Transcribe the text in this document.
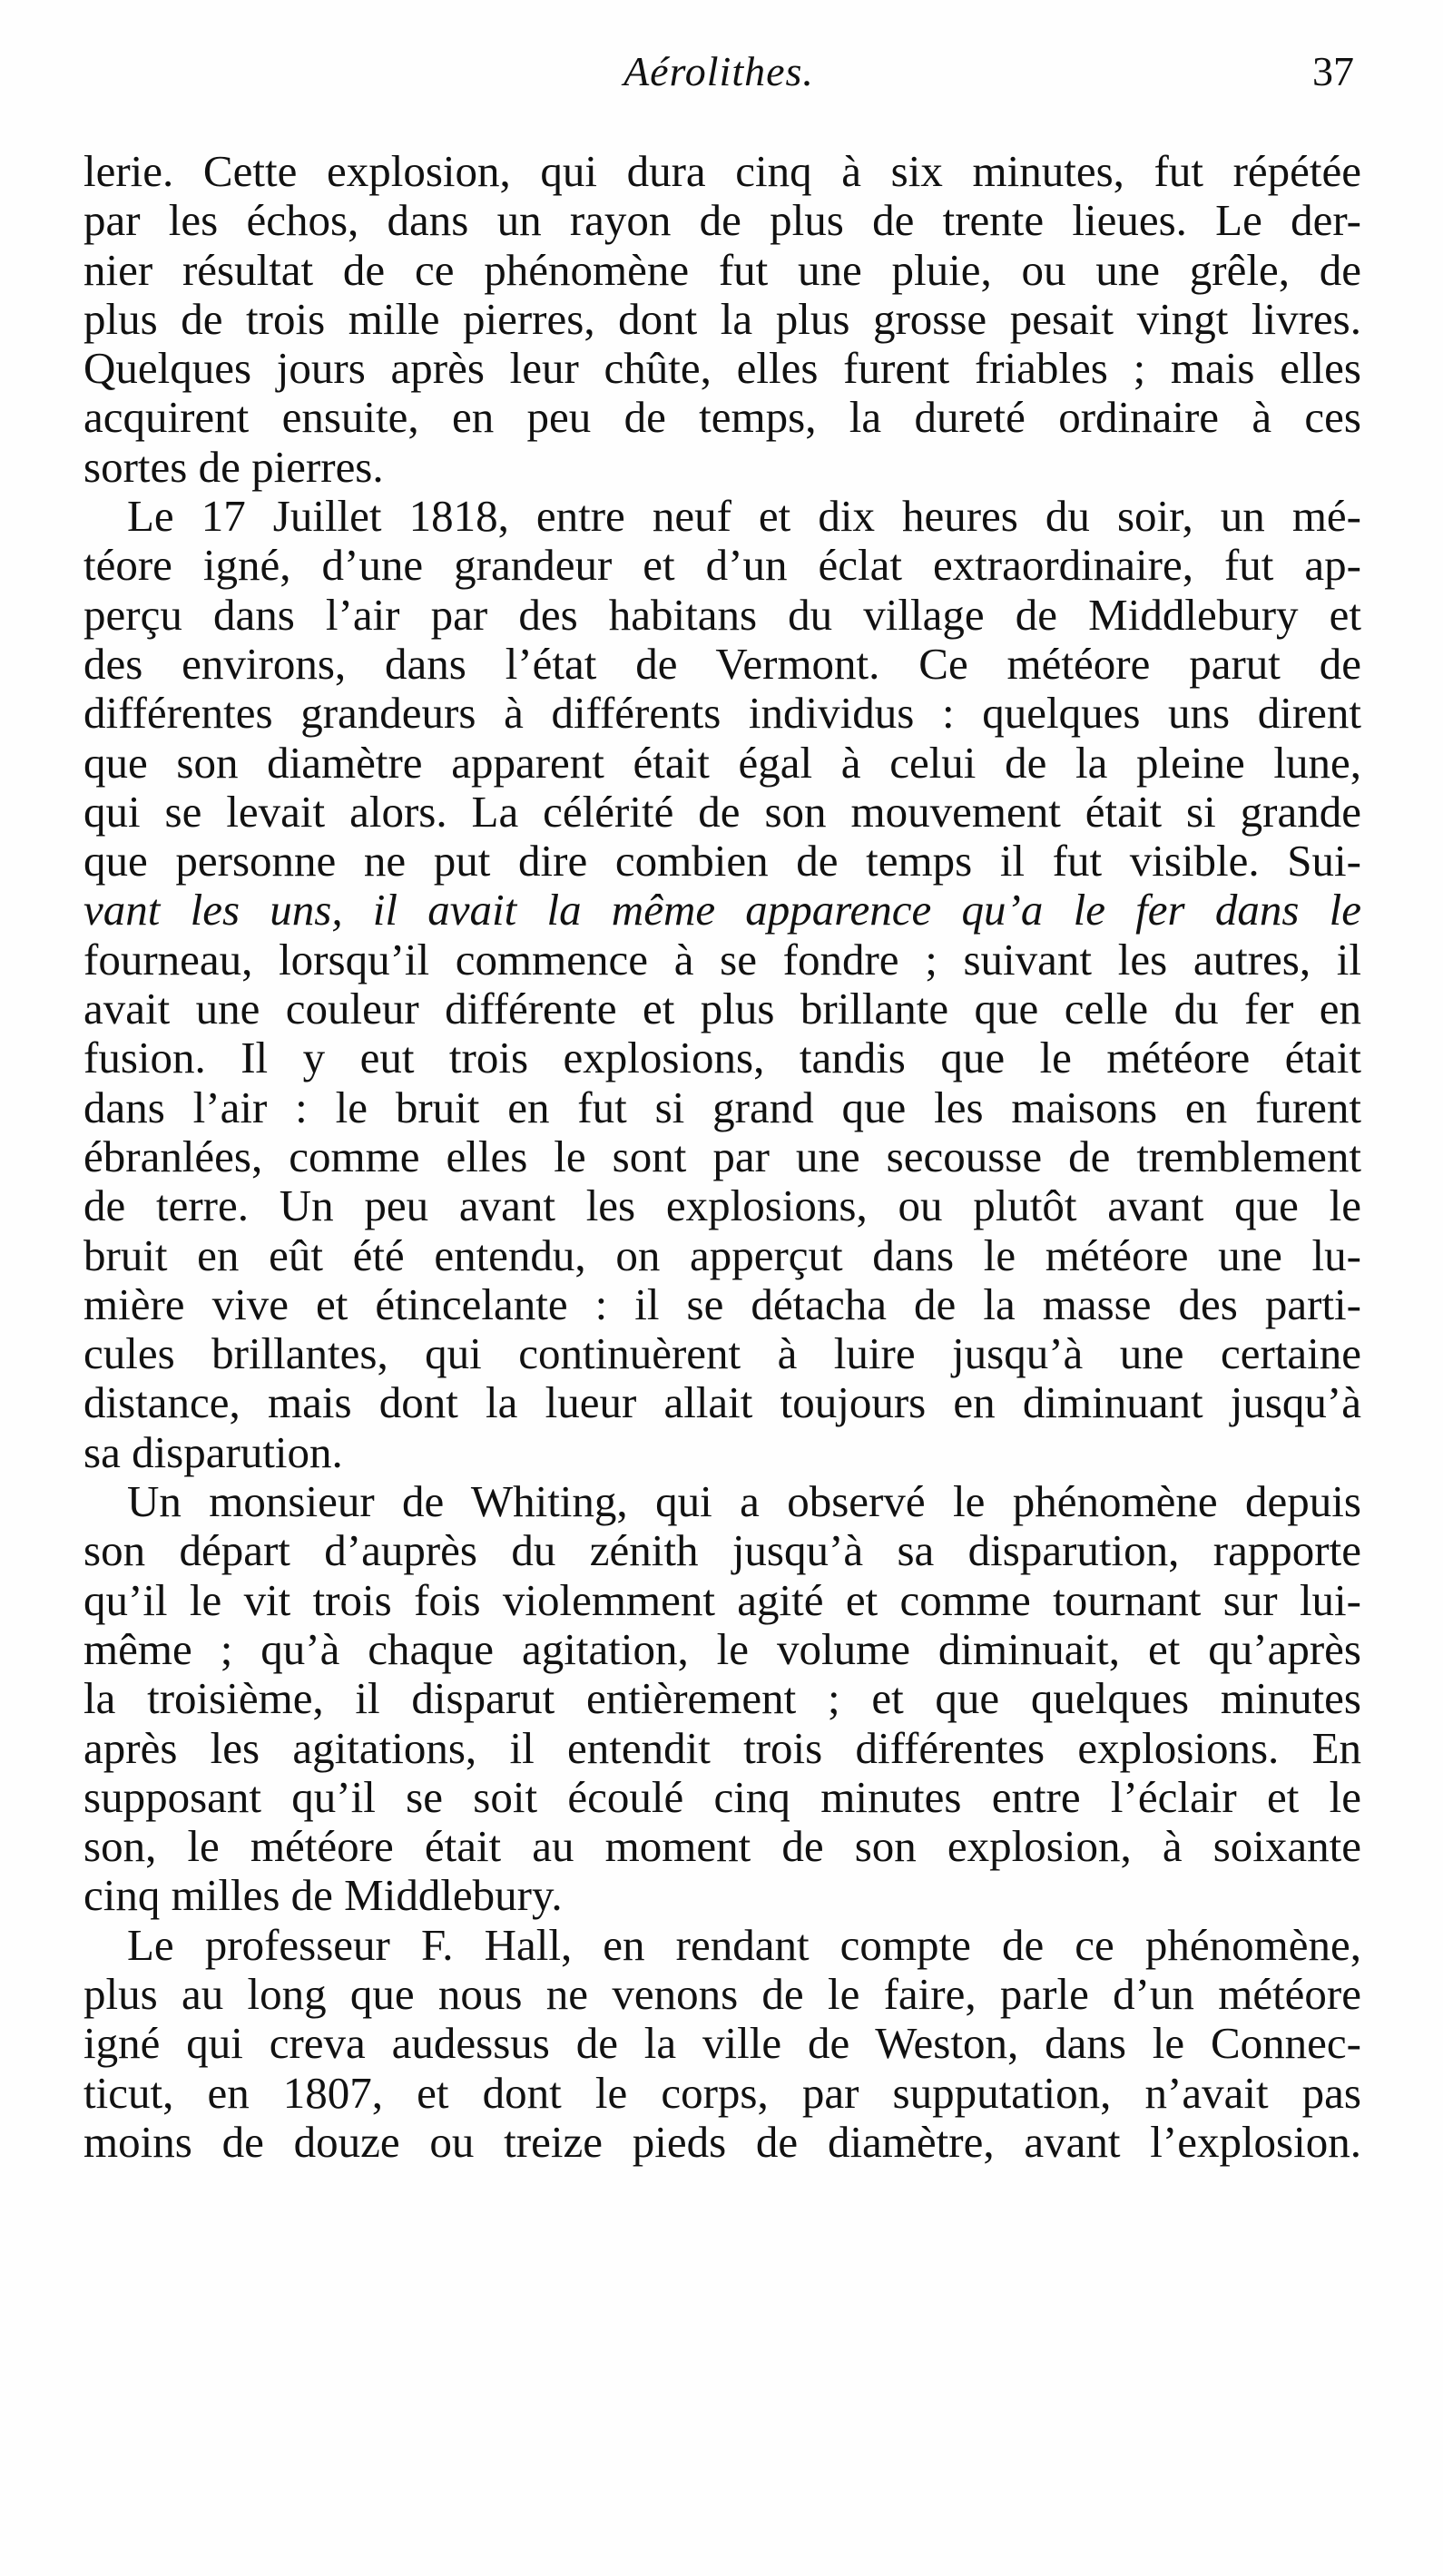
Aérolithes.	37
lerie. Cette explosion, qui dura cinq à six minutes, fut répétée
par les échos, dans un rayon de plus de trente lieues. Le der-
nier résultat de ce phénomène fut une pluie, ou une grêle, de
plus de trois mille pierres, dont la plus grosse pesait vingt livres.
Quelques jours après leur chûte, elles furent friables ; mais elles
acquirent ensuite, en peu de temps, la dureté ordinaire à ces
sortes de pierres.
Le 17 Juillet 1818, entre neuf et dix heures du soir, un mé-
téore igné, d’une grandeur et d’un éclat extraordinaire, fut ap-
perçu dans l’air par des habitans du village de Middlebury et
des environs, dans l’état de Vermont. Ce météore parut de
différentes grandeurs à différents individus : quelques uns dirent
que son diamètre apparent était égal à celui de la pleine lune,
qui se levait alors. La célérité de son mouvement était si grande
que personne ne put dire combien de temps il fut visible. Sui-
vant les uns, il avait la même apparence qu’a le fer dans le
fourneau, lorsqu’il commence à se fondre ; suivant les autres, il
avait une couleur différente et plus brillante que celle du fer en
fusion. Il y eut trois explosions, tandis que le météore était
dans l’air : le bruit en fut si grand que les maisons en furent
ébranlées, comme elles le sont par une secousse de tremblement
de terre. Un peu avant les explosions, ou plutôt avant que le
bruit en eût été entendu, on apperçut dans le météore une lu-
mière vive et étincelante : il se détacha de la masse des parti-
cules brillantes, qui continuèrent à luire jusqu’à une certaine
distance, mais dont la lueur allait toujours en diminuant jusqu’à
sa disparution.
Un monsieur de Whiting, qui a observé le phénomène depuis
son départ d’auprès du zénith jusqu’à sa disparution, rapporte
qu’il le vit trois fois violemment agité et comme tournant sur lui-
même ; qu’à chaque agitation, le volume diminuait, et qu’après
la troisième, il disparut entièrement ; et que quelques minutes
après les agitations, il entendit trois différentes explosions. En
supposant qu’il se soit écoulé cinq minutes entre l’éclair et le
son, le météore était au moment de son explosion, à soixante
cinq milles de Middlebury.
Le professeur F. Hall, en rendant compte de ce phénomène,
plus au long que nous ne venons de le faire, parle d’un météore
igné qui creva audessus de la ville de Weston, dans le Connec-
ticut, en 1807, et dont le corps, par supputation, n’avait pas
moins de douze ou treize pieds de diamètre, avant l’explosion.
